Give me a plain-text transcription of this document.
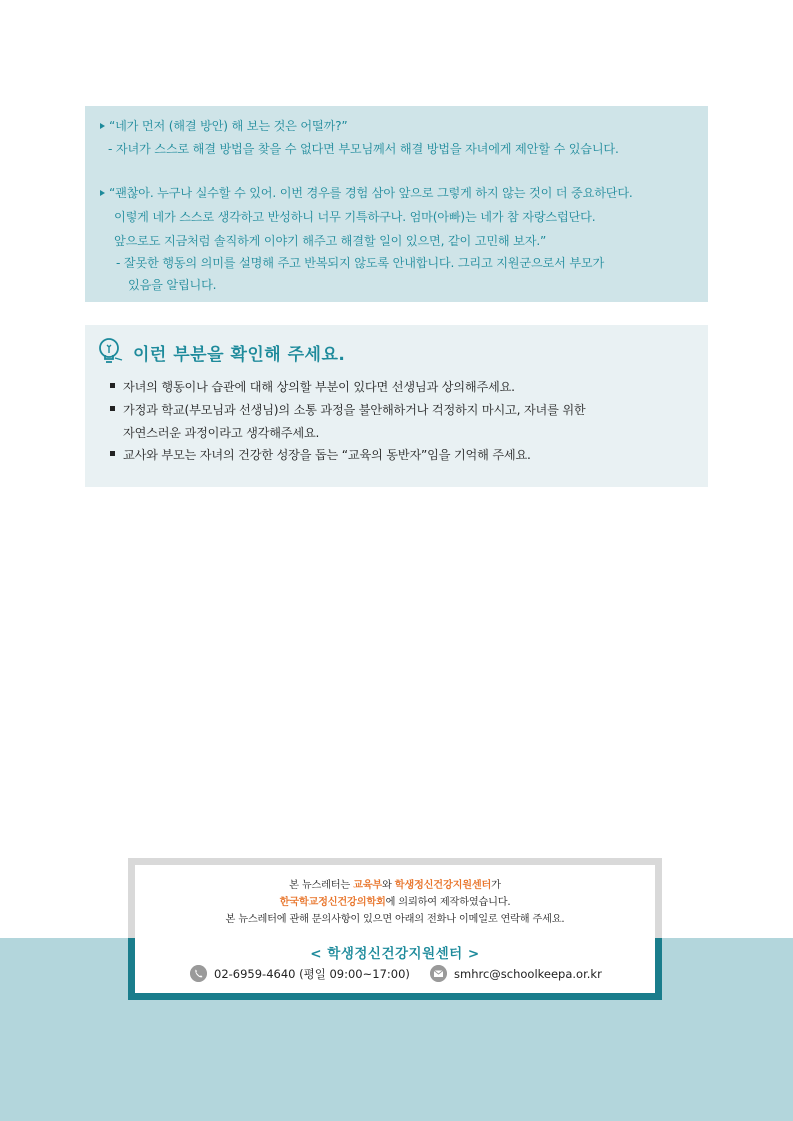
“네가 먼저 (해결 방안) 해 보는 것은 어떨까?”
- 자녀가 스스로 해결 방법을 찾을 수 없다면 부모님께서 해결 방법을 자녀에게 제안할 수 있습니다.
“괜찮아. 누구나 실수할 수 있어. 이번 경우를 경험 삼아 앞으로 그렇게 하지 않는 것이 더 중요하단다.
이렇게 네가 스스로 생각하고 반성하니 너무 기특하구나. 엄마(아빠)는 네가 참 자랑스럽단다.
앞으로도 지금처럼 솔직하게 이야기 해주고 해결할 일이 있으면, 같이 고민해 보자.”
- 잘못한 행동의 의미를 설명해 주고 반복되지 않도록 안내합니다. 그리고 지원군으로서 부모가
있음을 알립니다.
이런 부분을 확인해 주세요.
자녀의 행동이나 습관에 대해 상의할 부분이 있다면 선생님과 상의해주세요.
가정과 학교(부모님과 선생님)의 소통 과정을 불안해하거나 걱정하지 마시고, 자녀를 위한
자연스러운 과정이라고 생각해주세요.
교사와 부모는 자녀의 건강한 성장을 돕는 “교육의 동반자”임을 기억해 주세요.
본 뉴스레터는 교육부와 학생정신건강지원센터가
한국학교정신건강의학회에 의뢰하여 제작하였습니다.
본 뉴스레터에 관해 문의사항이 있으면 아래의 전화나 이메일로 연락해 주세요.
< 학생정신건강지원센터 >
02-6959-4640 (평일 09:00~17:00)	smhrc@schoolkeepa.or.kr
